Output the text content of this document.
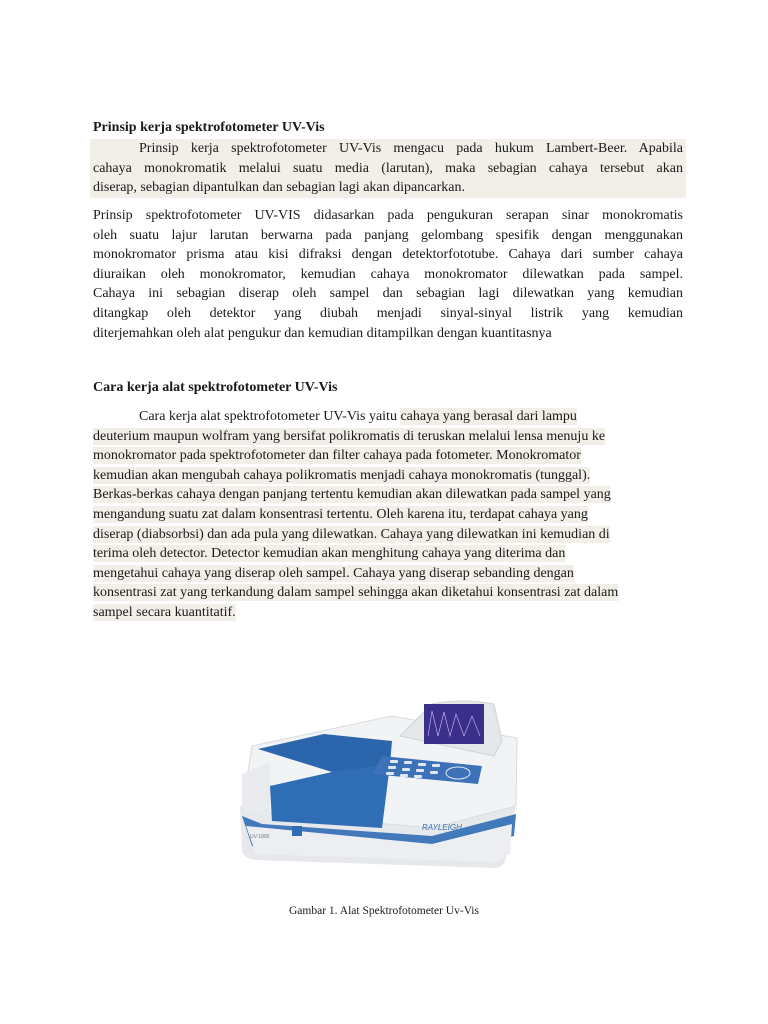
Prinsip kerja spektrofotometer UV-Vis
Prinsip kerja spektrofotometer UV-Vis mengacu pada hukum Lambert-Beer. Apabila
cahaya monokromatik melalui suatu media (larutan), maka sebagian cahaya tersebut akan
diserap, sebagian dipantulkan dan sebagian lagi akan dipancarkan.
Prinsip spektrofotometer UV-VIS didasarkan pada pengukuran serapan sinar monokromatis
oleh suatu lajur larutan berwarna pada panjang gelombang spesifik dengan menggunakan
monokromator prisma atau kisi difraksi dengan detektorfototube. Cahaya dari sumber cahaya
diuraikan oleh monokromator, kemudian cahaya monokromator dilewatkan pada sampel.
Cahaya ini sebagian diserap oleh sampel dan sebagian lagi dilewatkan yang kemudian
ditangkap oleh detektor yang diubah menjadi sinyal-sinyal listrik yang kemudian
diterjemahkan oleh alat pengukur dan kemudian ditampilkan dengan kuantitasnya
Cara kerja alat spektrofotometer UV-Vis
Cara kerja alat spektrofotometer UV-Vis yaitu cahaya yang berasal dari lampu
deuterium maupun wolfram yang bersifat polikromatis di teruskan melalui lensa menuju ke
monokromator pada spektrofotometer dan filter cahaya pada fotometer. Monokromator
kemudian akan mengubah cahaya polikromatis menjadi cahaya monokromatis (tunggal).
Berkas-berkas cahaya dengan panjang tertentu kemudian akan dilewatkan pada sampel yang
mengandung suatu zat dalam konsentrasi tertentu. Oleh karena itu, terdapat cahaya yang
diserap (diabsorbsi) dan ada pula yang dilewatkan. Cahaya yang dilewatkan ini kemudian di
terima oleh detector. Detector kemudian akan menghitung cahaya yang diterima dan
mengetahui cahaya yang diserap oleh sampel. Cahaya yang diserap sebanding dengan
konsentrasi zat yang terkandung dalam sampel sehingga akan diketahui konsentrasi zat dalam
sampel secara kuantitatif.
RAYLEIGH
UV-1800
Gambar 1. Alat Spektrofotometer Uv-Vis
